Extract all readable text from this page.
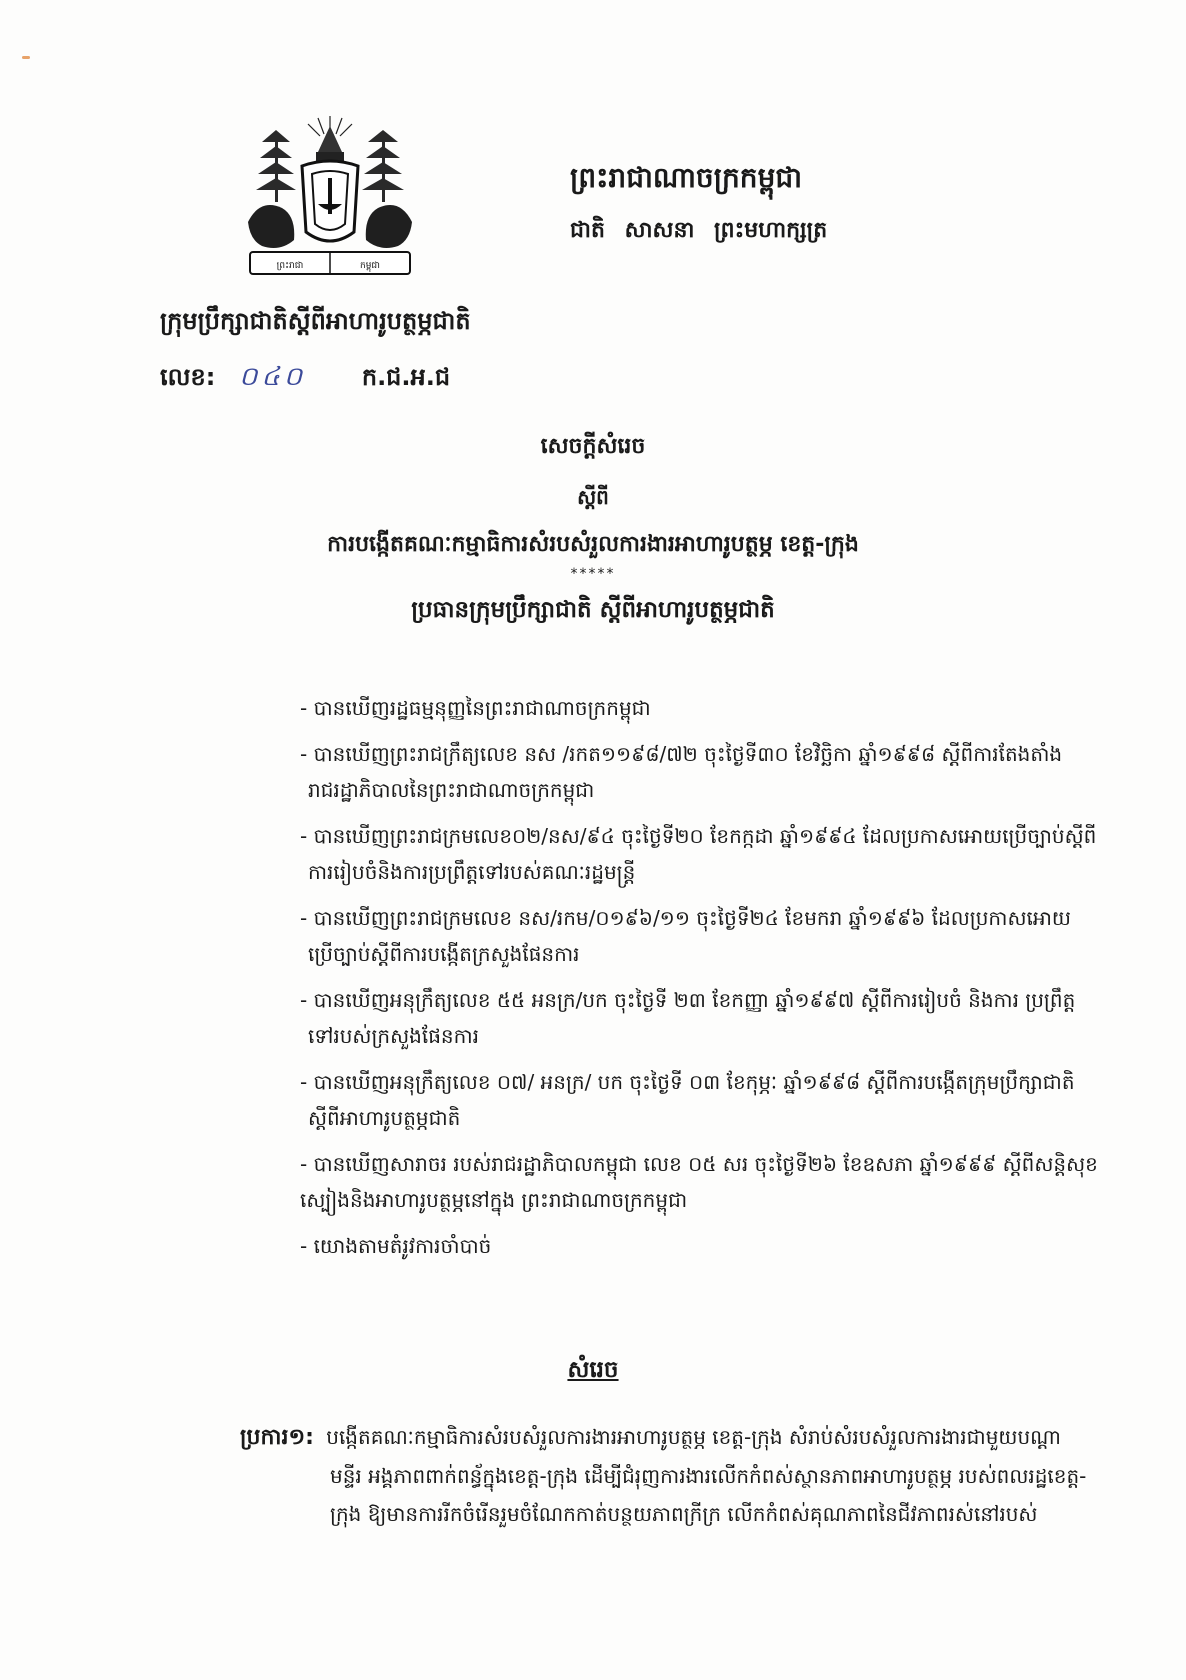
ព្រះរាជា	កម្ពុជា
ព្រះរាជាណាចក្រកម្ពុជា
ជាតិ សាសនា ព្រះមហាក្សត្រ
ក្រុមប្រឹក្សាជាតិស្តីពីអាហារូបត្ថម្ភជាតិ
លេខ: ០៤០ ក.ជ.អ.ជ
សេចក្តីសំរេច
ស្តីពី
ការបង្កើតគណៈកម្មាធិការសំរបសំរួលការងារអាហារូបត្ថម្ភ ខេត្ត-ក្រុង
*****
ប្រធានក្រុមប្រឹក្សាជាតិ ស្តីពីអាហារូបត្ថម្ភជាតិ
- បានឃើញរដ្ឋធម្មនុញ្ញនៃព្រះរាជាណាចក្រកម្ពុជា
- បានឃើញព្រះរាជក្រឹត្យលេខ នស /រកត១១៩៨/៧២ ចុះថ្ងៃទី៣០ ខែវិច្ឆិកា ឆ្នាំ១៩៩៨ ស្តីពីការតែងតាំង
រាជរដ្ឋាភិបាលនៃព្រះរាជាណាចក្រកម្ពុជា
- បានឃើញព្រះរាជក្រមលេខ០២/នស/៩៤ ចុះថ្ងៃទី២០ ខែកក្កដា ឆ្នាំ១៩៩៤ ដែលប្រកាសអោយប្រើច្បាប់ស្តីពី
ការរៀបចំនិងការប្រព្រឹត្តទៅរបស់គណៈរដ្ឋមន្ត្រី
- បានឃើញព្រះរាជក្រមលេខ នស/រកម/០១៩៦/១១ ចុះថ្ងៃទី២៤ ខែមករា ឆ្នាំ១៩៩៦ ដែលប្រកាសអោយ
ប្រើច្បាប់ស្តីពីការបង្កើតក្រសួងផែនការ
- បានឃើញអនុក្រឹត្យលេខ ៥៥ អនក្រ/បក ចុះថ្ងៃទី ២៣ ខែកញ្ញា ឆ្នាំ១៩៩៧ ស្តីពីការរៀបចំ និងការ ប្រព្រឹត្ត
ទៅរបស់ក្រសួងផែនការ
- បានឃើញអនុក្រឹត្យលេខ ០៧/ អនក្រ/ បក ចុះថ្ងៃទី ០៣ ខែកុម្ភៈ ឆ្នាំ១៩៩៨ ស្តីពីការបង្កើតក្រុមប្រឹក្សាជាតិ
ស្តីពីអាហារូបត្ថម្ភជាតិ
- បានឃើញសារាចរ របស់រាជរដ្ឋាភិបាលកម្ពុជា លេខ ០៥ សរ ចុះថ្ងៃទី២៦ ខែឧសភា ឆ្នាំ១៩៩៩ ស្តីពីសន្តិសុខ
ស្បៀងនិងអាហារូបត្ថម្ភនៅក្នុង ព្រះរាជាណាចក្រកម្ពុជា
- យោងតាមតំរូវការចាំបាច់
សំរេច
ប្រការ១: បង្កើតគណៈកម្មាធិការសំរបសំរួលការងារអាហារូបត្ថម្ភ ខេត្ត-ក្រុង សំរាប់សំរបសំរួលការងារជាមួយបណ្តា
មន្ទីរ អង្គភាពពាក់ពន្ធ័ក្នុងខេត្ត-ក្រុង ដើម្បីជំរុញការងារលើកកំពស់ស្ថានភាពអាហារូបត្ថម្ភ របស់ពលរដ្ឋខេត្ត-
ក្រុង ឱ្យមានការរីកចំរើនរួមចំណែកកាត់បន្ថយភាពក្រីក្រ លើកកំពស់គុណភាពនៃជីវភាពរស់នៅរបស់
